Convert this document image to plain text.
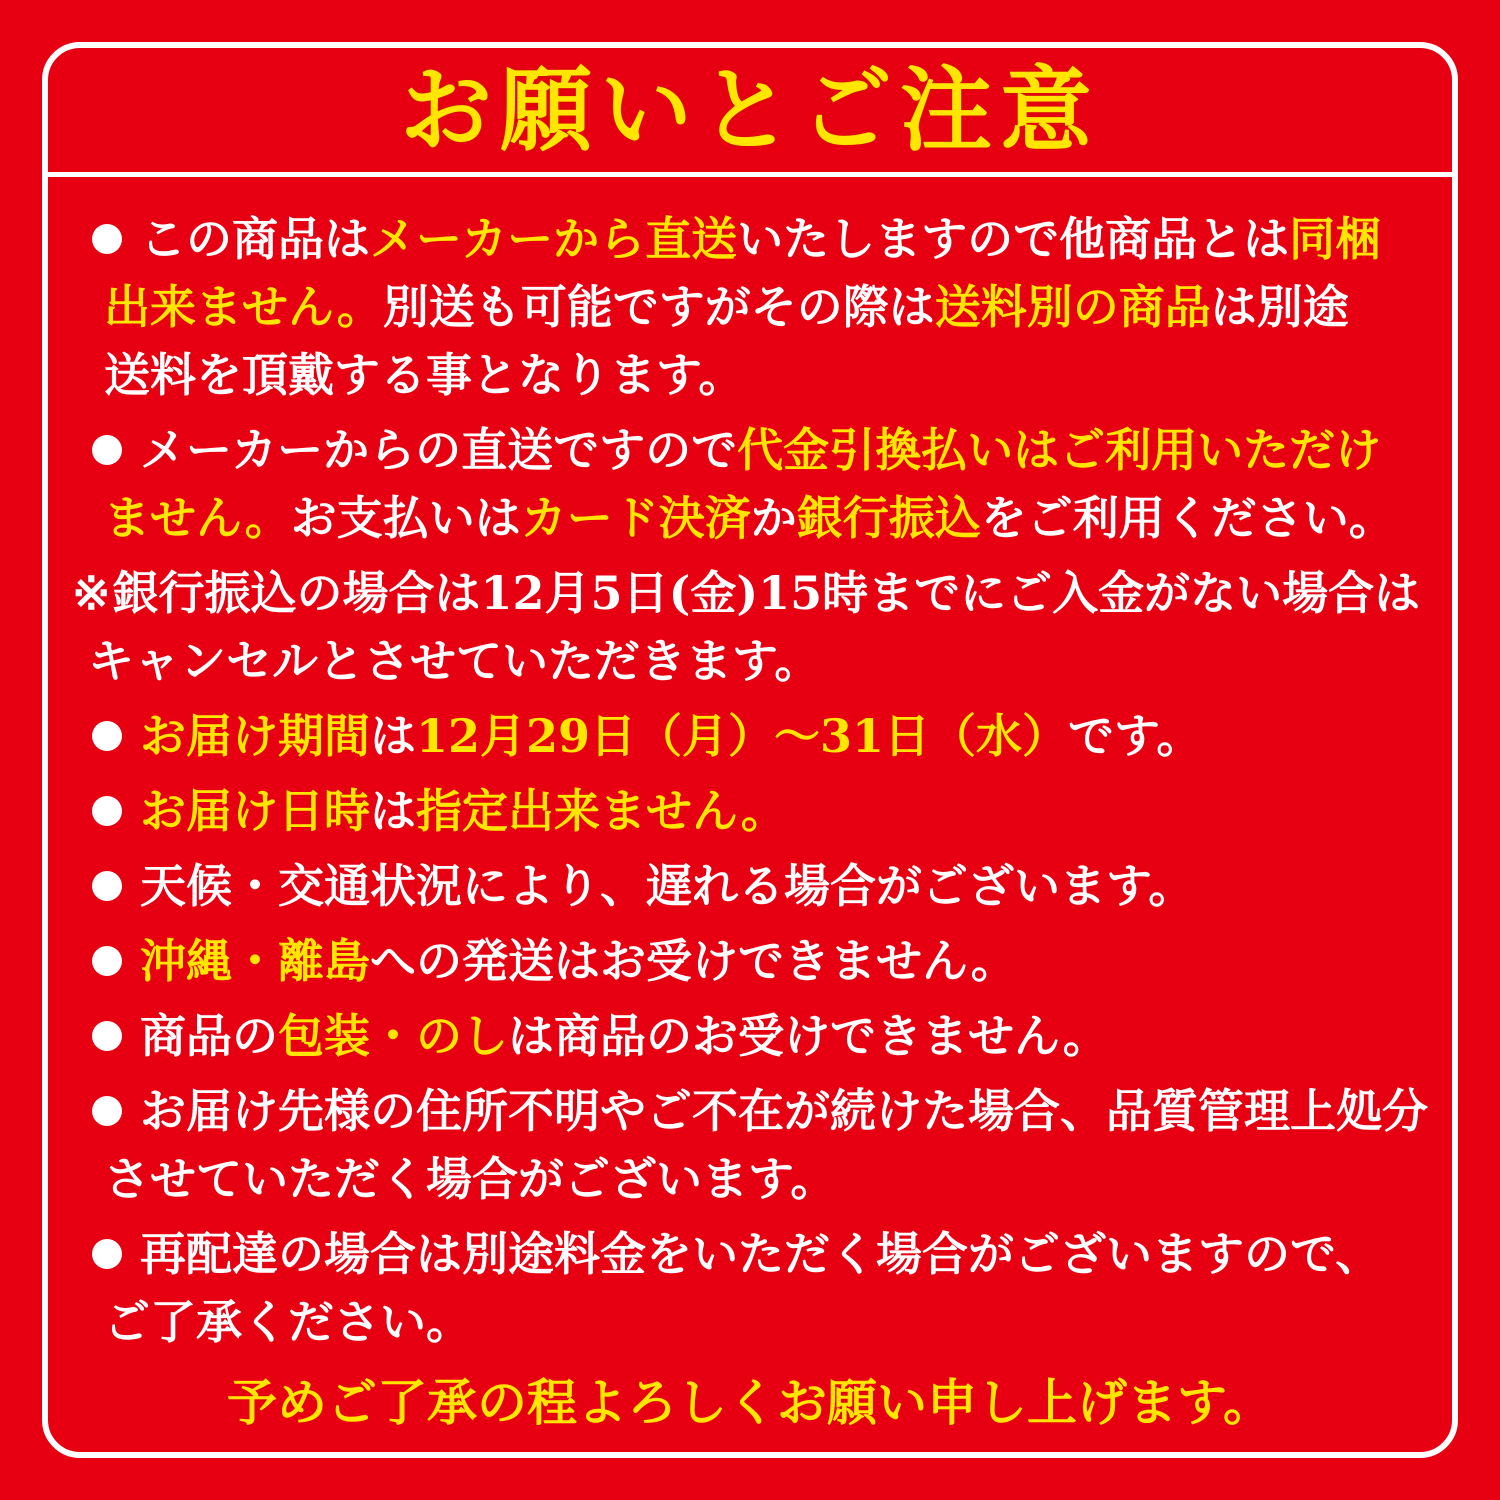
お願いとご注意
この商品はメーカーから直送いたしますので他商品とは同梱
出来ません。別送も可能ですがその際は送料別の商品は別途
送料を頂戴する事となります。
メーカーからの直送ですので代金引換払いはご利用いただけ
ません。お支払いはカード決済か銀行振込をご利用ください。
※銀行振込の場合は12月5日(金)15時までにご入金がない場合は
キャンセルとさせていただきます。
お届け期間は12月29日（月）～31日（水）です。
お届け日時は指定出来ません。
天候・交通状況により、遅れる場合がございます。
沖縄・離島への発送はお受けできません。
商品の包装・のしは商品のお受けできません。
お届け先様の住所不明やご不在が続けた場合、品質管理上処分
させていただく場合がございます。
再配達の場合は別途料金をいただく場合がございますので、
ご了承ください。
予めご了承の程よろしくお願い申し上げます。
